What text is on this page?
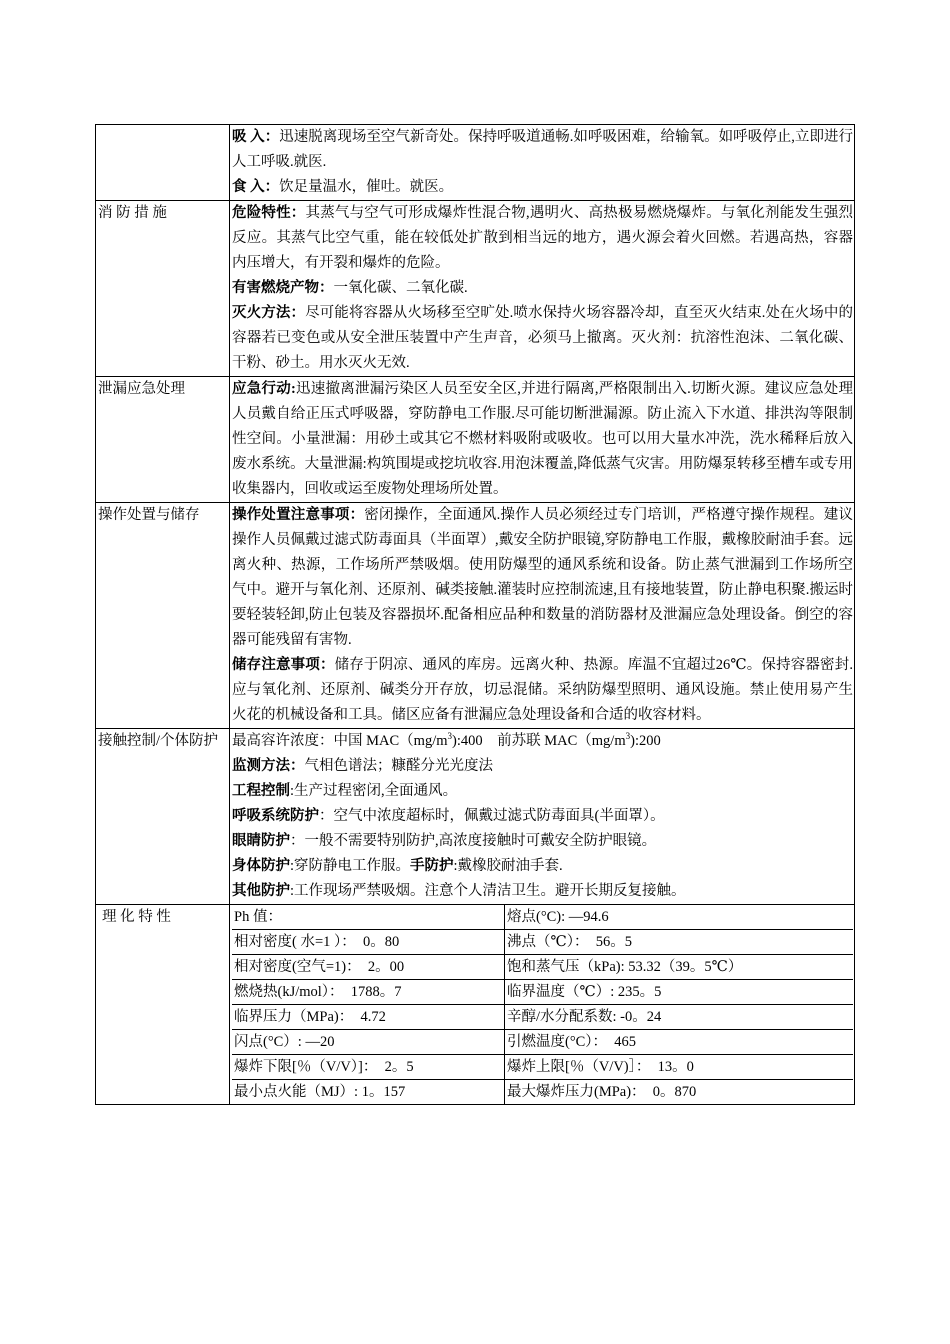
吸 入：迅速脱离现场至空气新奇处。保持呼吸道通畅.如呼吸困难，给输氧。如呼吸停止,立即进行人工呼吸.就医.
食 入：饮足量温水，催吐。就医。

消 防 措 施	危险特性：其蒸气与空气可形成爆炸性混合物,遇明火、高热极易燃烧爆炸。与氧化剂能发生强烈反应。其蒸气比空气重，能在较低处扩散到相当远的地方，遇火源会着火回燃。若遇高热，容器内压增大，有开裂和爆炸的危险。
有害燃烧产物：一氧化碳、二氧化碳.
灭火方法：尽可能将容器从火场移至空旷处.喷水保持火场容器冷却，直至灭火结束.处在火场中的容器若已变色或从安全泄压装置中产生声音，必须马上撤离。灭火剂：抗溶性泡沫、二氧化碳、干粉、砂土。用水灭火无效.

泄漏应急处理	应急行动:迅速撤离泄漏污染区人员至安全区,并进行隔离,严格限制出入.切断火源。建议应急处理人员戴自给正压式呼吸器，穿防静电工作服.尽可能切断泄漏源。防止流入下水道、排洪沟等限制性空间。小量泄漏：用砂土或其它不燃材料吸附或吸收。也可以用大量水冲洗，洗水稀释后放入废水系统。大量泄漏:构筑围堤或挖坑收容.用泡沫覆盖,降低蒸气灾害。用防爆泵转移至槽车或专用收集器内，回收或运至废物处理场所处置。

操作处置与储存	操作处置注意事项：密闭操作，全面通风.操作人员必须经过专门培训，严格遵守操作规程。建议操作人员佩戴过滤式防毒面具（半面罩）,戴安全防护眼镜,穿防静电工作服，戴橡胶耐油手套。远离火种、热源，工作场所严禁吸烟。使用防爆型的通风系统和设备。防止蒸气泄漏到工作场所空气中。避开与氧化剂、还原剂、碱类接触.灌装时应控制流速,且有接地装置，防止静电积聚.搬运时要轻装轻卸,防止包装及容器损坏.配备相应品种和数量的消防器材及泄漏应急处理设备。倒空的容器可能残留有害物.
储存注意事项：储存于阴凉、通风的库房。远离火种、热源。库温不宜超过26℃。保持容器密封.应与氧化剂、还原剂、碱类分开存放，切忌混储。采纳防爆型照明、通风设施。禁止使用易产生火花的机械设备和工具。储区应备有泄漏应急处理设备和合适的收容材料。

接触控制/个体防护	最高容许浓度：中国 $MAC(mg/m^3):400$　前苏联 $MAC(mg/m^3):200$
监测方法：气相色谱法；糠醛分光光度法
工程控制:生产过程密闭,全面通风。
呼吸系统防护：空气中浓度超标时，佩戴过滤式防毒面具(半面罩）。
眼睛防护：一般不需要特别防护,高浓度接触时可戴安全防护眼镜。
身体防护:穿防静电工作服。手防护:戴橡胶耐油手套.
其他防护:工作现场严禁吸烟。注意个人清洁卫生。避开长期反复接触。

理 化 特 性		Ph 值：	熔点(°C): —94.6
相对密度( 水=1 ）：　0。80	沸点（℃）：　56。5
相对密度(空气=1)：　2。00	饱和蒸气压（kPa): 53.32（39。5℃）
燃烧热(kJ/mol）：　1788。7	临界温度（℃）: 235。5
临界压力（MPa)：　4.72	辛醇/水分配系数: -0。24
闪点(°C）: —20	引燃温度(°C）：　465
爆炸下限[％（V/V）]：　2。5	爆炸上限[％（V/V)］：　13。0
最小点火能（MJ）: 1。157	最大爆炸压力(MPa)：　0。870
